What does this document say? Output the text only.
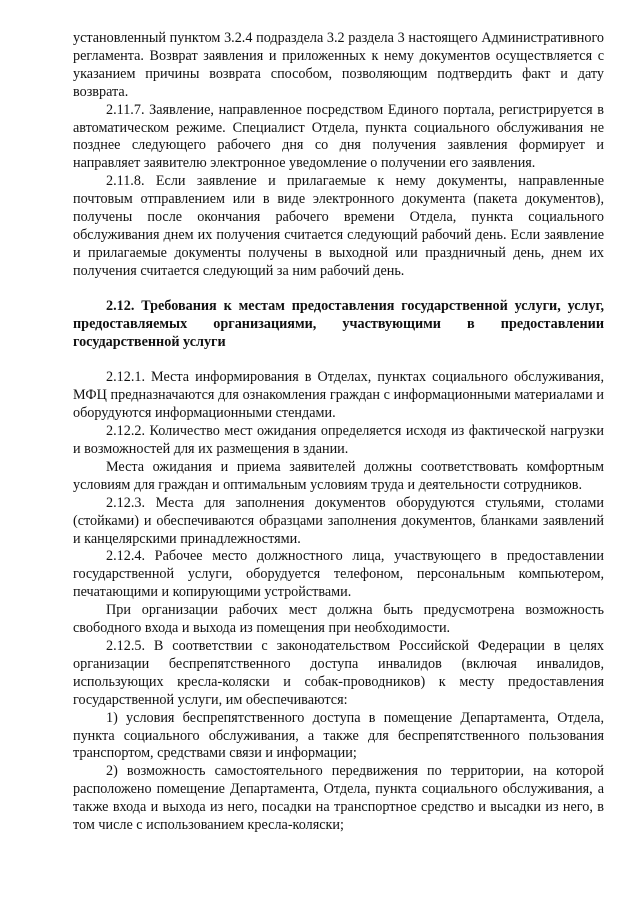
установленный пунктом 3.2.4 подраздела 3.2 раздела 3 настоящего Административного регламента. Возврат заявления и приложенных к нему документов осуществляется с указанием причины возврата способом, позволяющим подтвердить факт и дату возврата.

2.11.7. Заявление, направленное посредством Единого портала, регистрируется в автоматическом режиме. Специалист Отдела, пункта социального обслуживания не позднее следующего рабочего дня со дня получения заявления формирует и направляет заявителю электронное уведомление о получении его заявления.

2.11.8. Если заявление и прилагаемые к нему документы, направленные почтовым отправлением или в виде электронного документа (пакета документов), получены после окончания рабочего времени Отдела, пункта социального обслуживания днем их получения считается следующий рабочий день. Если заявление и прилагаемые документы получены в выходной или праздничный день, днем их получения считается следующий за ним рабочий день.

2.12. Требования к местам предоставления государственной услуги, услуг, предоставляемых организациями, участвующими в предоставлении государственной услуги

2.12.1. Места информирования в Отделах, пунктах социального обслуживания, МФЦ предназначаются для ознакомления граждан с информационными материалами и оборудуются информационными стендами.

2.12.2. Количество мест ожидания определяется исходя из фактической нагрузки и возможностей для их размещения в здании.

Места ожидания и приема заявителей должны соответствовать комфортным условиям для граждан и оптимальным условиям труда и деятельности сотрудников.

2.12.3. Места для заполнения документов оборудуются стульями, столами (стойками) и обеспечиваются образцами заполнения документов, бланками заявлений и канцелярскими принадлежностями.

2.12.4. Рабочее место должностного лица, участвующего в предоставлении государственной услуги, оборудуется телефоном, персональным компьютером, печатающими и копирующими устройствами.

При организации рабочих мест должна быть предусмотрена возможность свободного входа и выхода из помещения при необходимости.

2.12.5. В соответствии с законодательством Российской Федерации в целях организации беспрепятственного доступа инвалидов (включая инвалидов, использующих кресла-коляски и собак-проводников) к месту предоставления государственной услуги, им обеспечиваются:

1) условия беспрепятственного доступа в помещение Департамента, Отдела, пункта социального обслуживания, а также для беспрепятственного пользования транспортом, средствами связи и информации;

2) возможность самостоятельного передвижения по территории, на которой расположено помещение Департамента, Отдела, пункта социального обслуживания, а также входа и выхода из него, посадки на транспортное средство и высадки из него, в том числе с использованием кресла-коляски;
